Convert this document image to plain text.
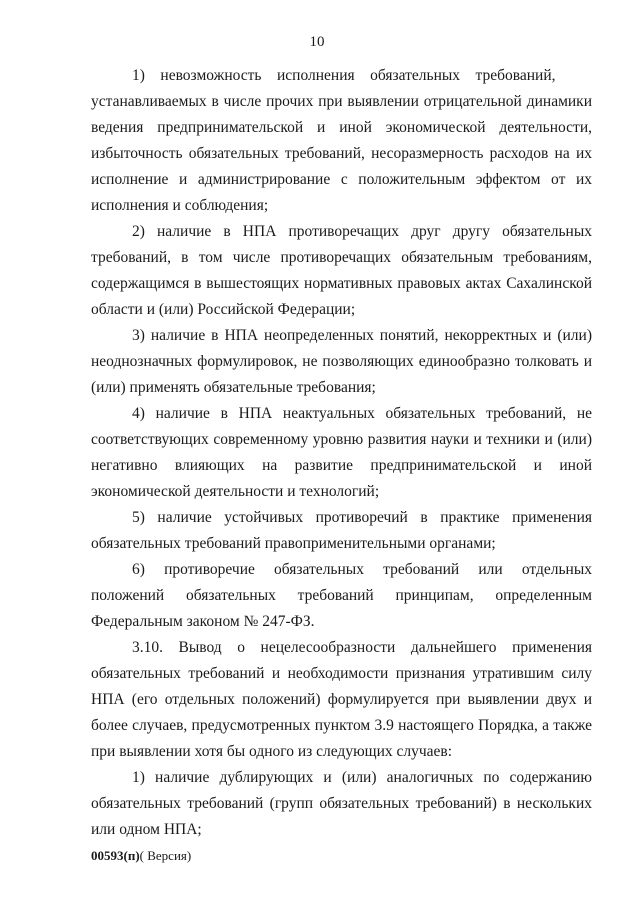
10

1) невозможность исполнения обязательных требований, устанавливаемых в числе прочих при выявлении отрицательной динамики ведения предпринимательской и иной экономической деятельности, избыточность обязательных требований, несоразмерность расходов на их исполнение и администрирование с положительным эффектом от их исполнения и соблюдения;

2) наличие в НПА противоречащих друг другу обязательных требований, в том числе противоречащих обязательным требованиям, содержащимся в вышестоящих нормативных правовых актах Сахалинской области и (или) Российской Федерации;

3) наличие в НПА неопределенных понятий, некорректных и (или) неоднозначных формулировок, не позволяющих единообразно толковать и (или) применять обязательные требования;

4) наличие в НПА неактуальных обязательных требований, не соответствующих современному уровню развития науки и техники и (или) негативно влияющих на развитие предпринимательской и иной экономической деятельности и технологий;

5) наличие устойчивых противоречий в практике применения обязательных требований правоприменительными органами;

6) противоречие обязательных требований или отдельных положений обязательных требований принципам, определенным Федеральным законом № 247-ФЗ.

3.10. Вывод о нецелесообразности дальнейшего применения обязательных требований и необходимости признания утратившим силу НПА (его отдельных положений) формулируется при выявлении двух и более случаев, предусмотренных пунктом 3.9 настоящего Порядка, а также при выявлении хотя бы одного из следующих случаев:

1) наличие дублирующих и (или) аналогичных по содержанию обязательных требований (групп обязательных требований) в нескольких или одном НПА;

00593(п)( Версия)
